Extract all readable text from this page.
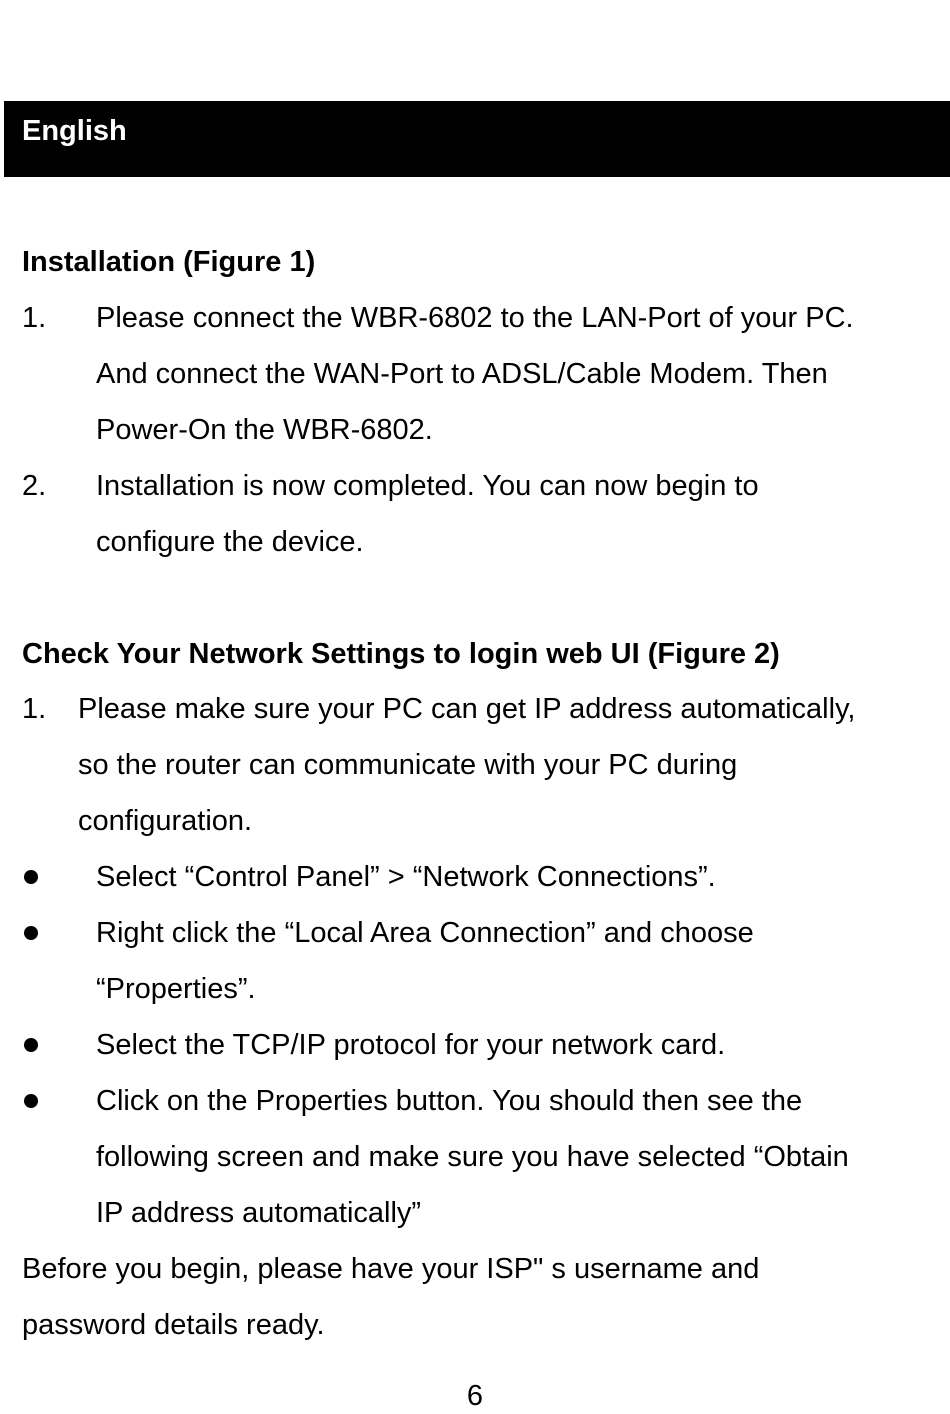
English
Installation (Figure 1)
1. Please connect the WBR-6802 to the LAN-Port of your PC.
And connect the WAN-Port to ADSL/Cable Modem. Then
Power-On the WBR-6802.
2. Installation is now completed. You can now begin to
configure the device.
Check Your Network Settings to login web UI (Figure 2)
1. Please make sure your PC can get IP address automatically,
so the router can communicate with your PC during
configuration.
Select “Control Panel” > “Network Connections”.
Right click the “Local Area Connection” and choose
“Properties”.
Select the TCP/IP protocol for your network card.
Click on the Properties button. You should then see the
following screen and make sure you have selected “Obtain
IP address automatically”
Before you begin, please have your ISP" s username and
password details ready.
6
